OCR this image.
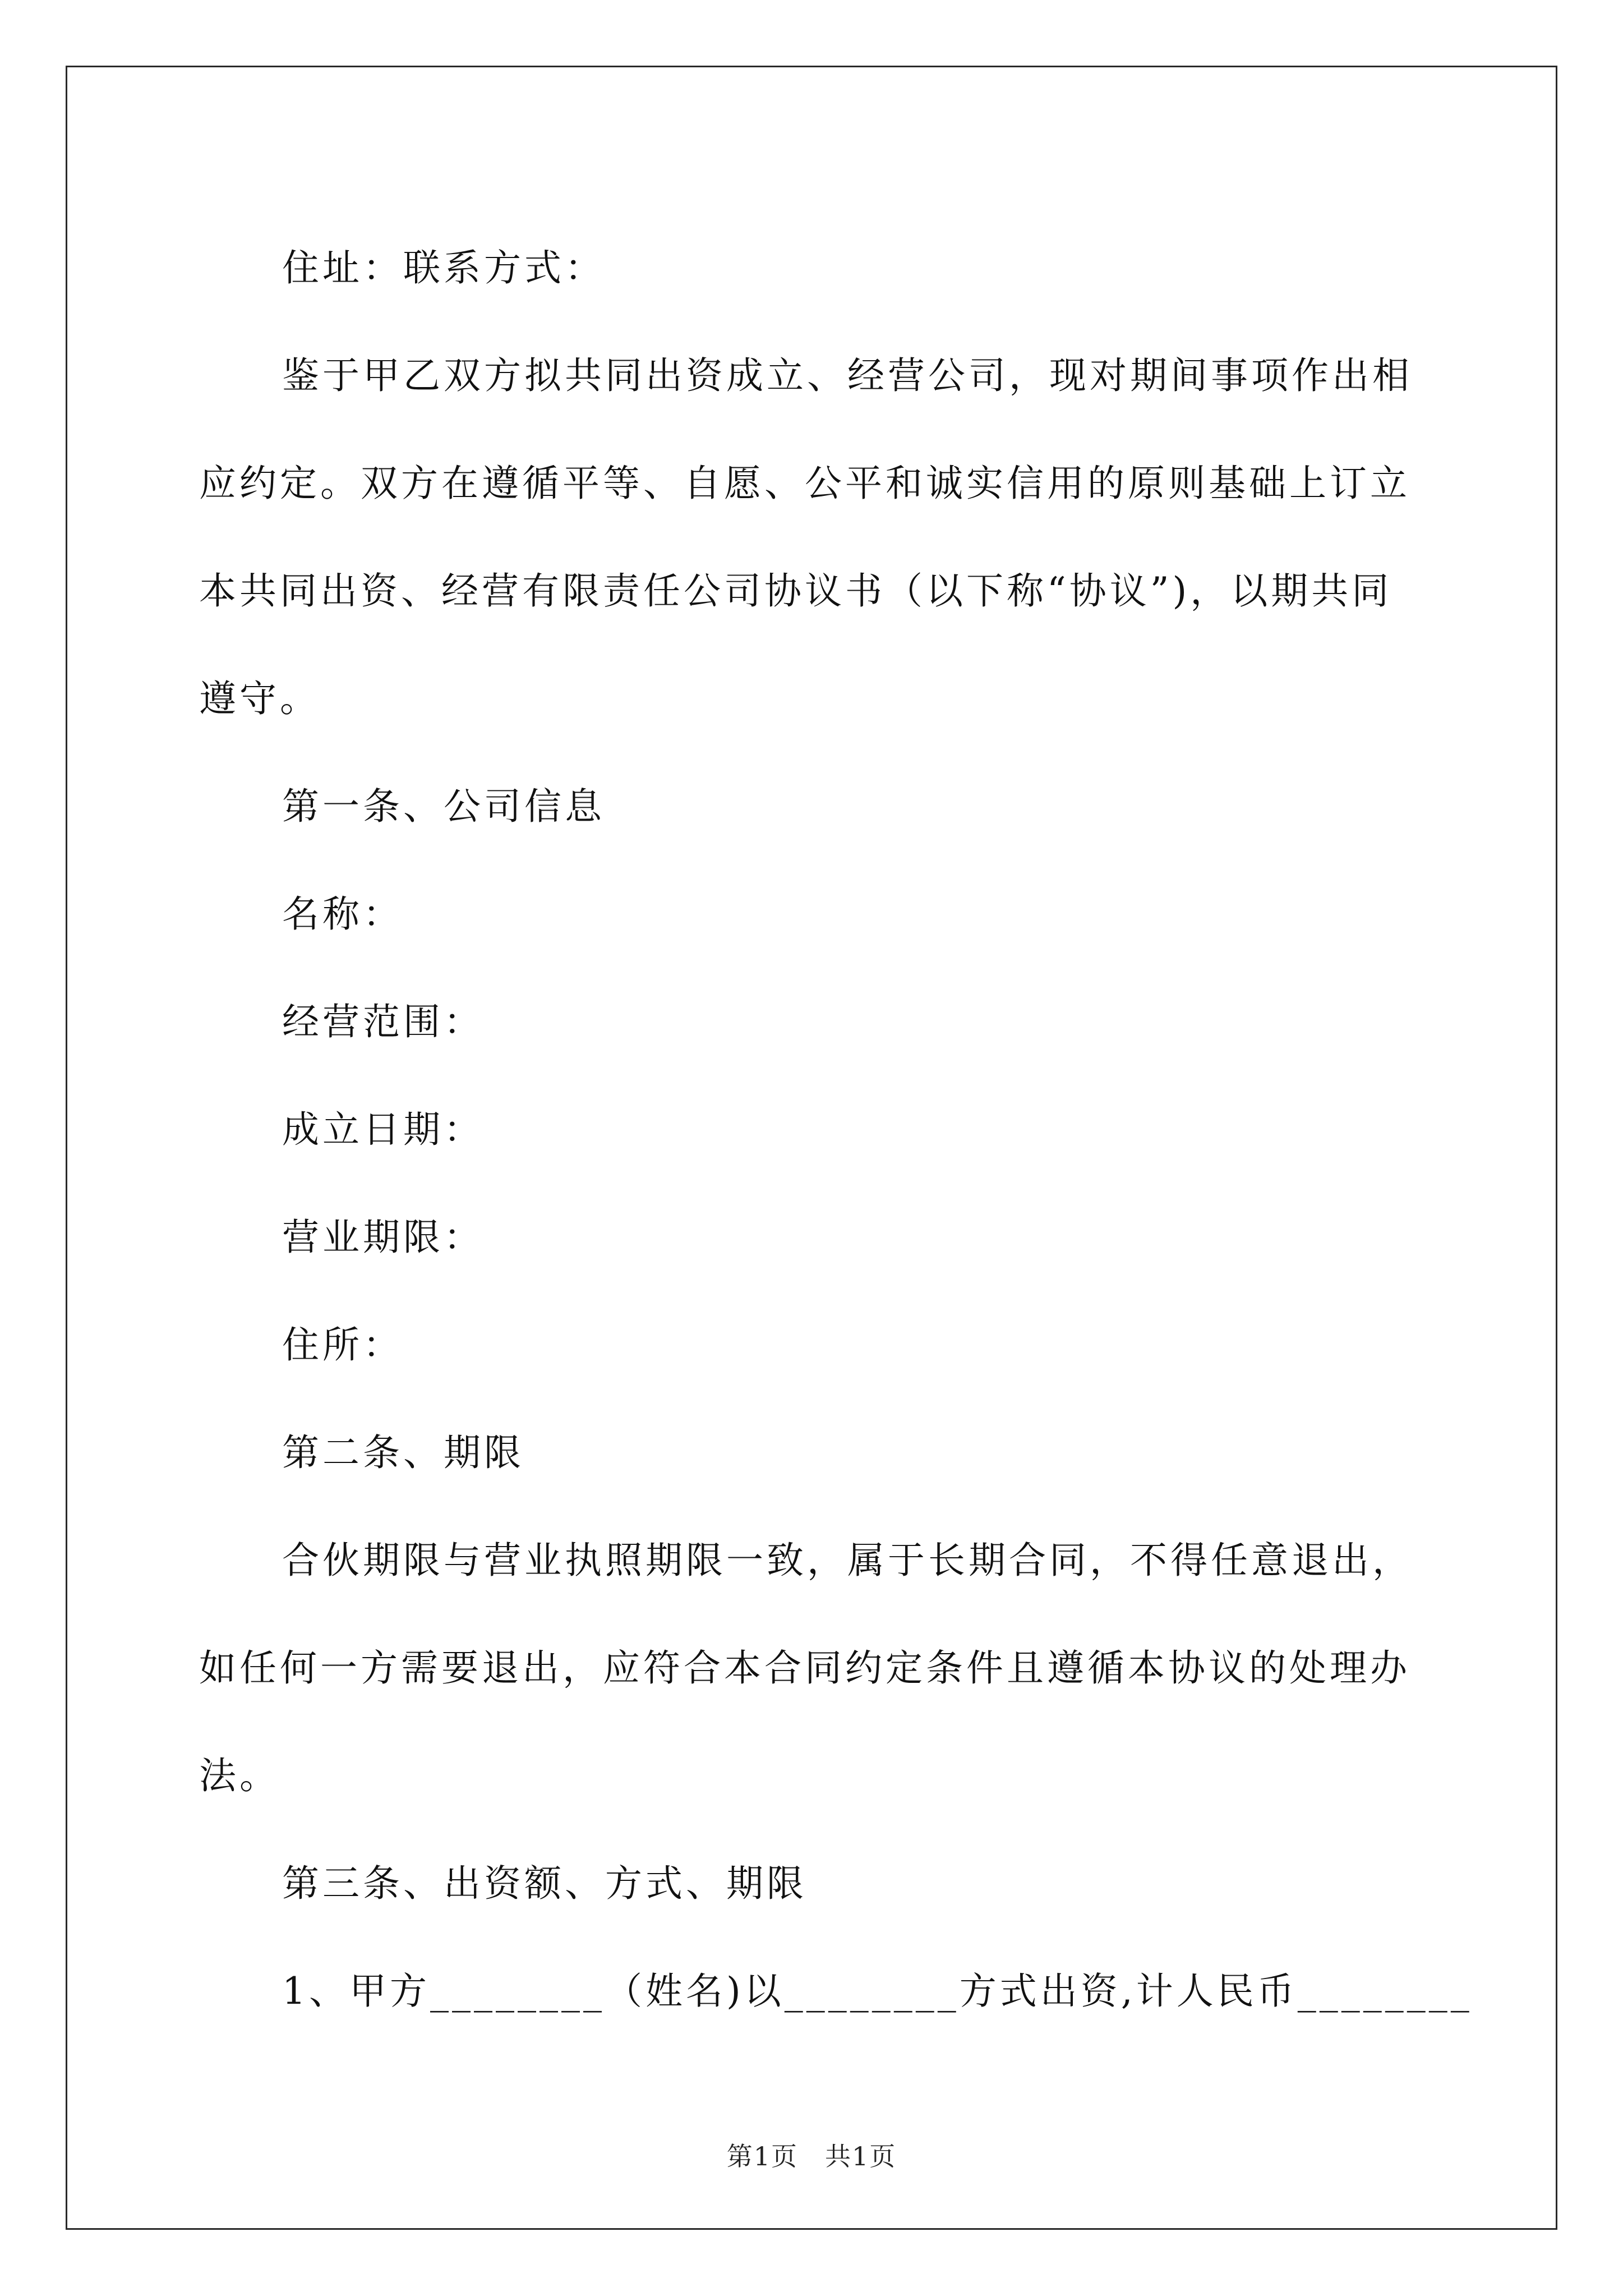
住址：联系方式：

鉴于甲乙双方拟共同出资成立、经营公司，现对期间事项作出相
应约定。双方在遵循平等、自愿、公平和诚实信用的原则基础上订立
本共同出资、经营有限责任公司协议书（以下称“协议”)，以期共同
遵守。

第一条、公司信息

名称：

经营范围：

成立日期：

营业期限：

住所：

第二条、期限

合伙期限与营业执照期限一致，属于长期合同，不得任意退出，
如任何一方需要退出，应符合本合同约定条件且遵循本协议的处理办
法。

第三条、出资额、方式、期限

1、甲方________（姓名)以________方式出资,计人民币________

第1页　共1页
